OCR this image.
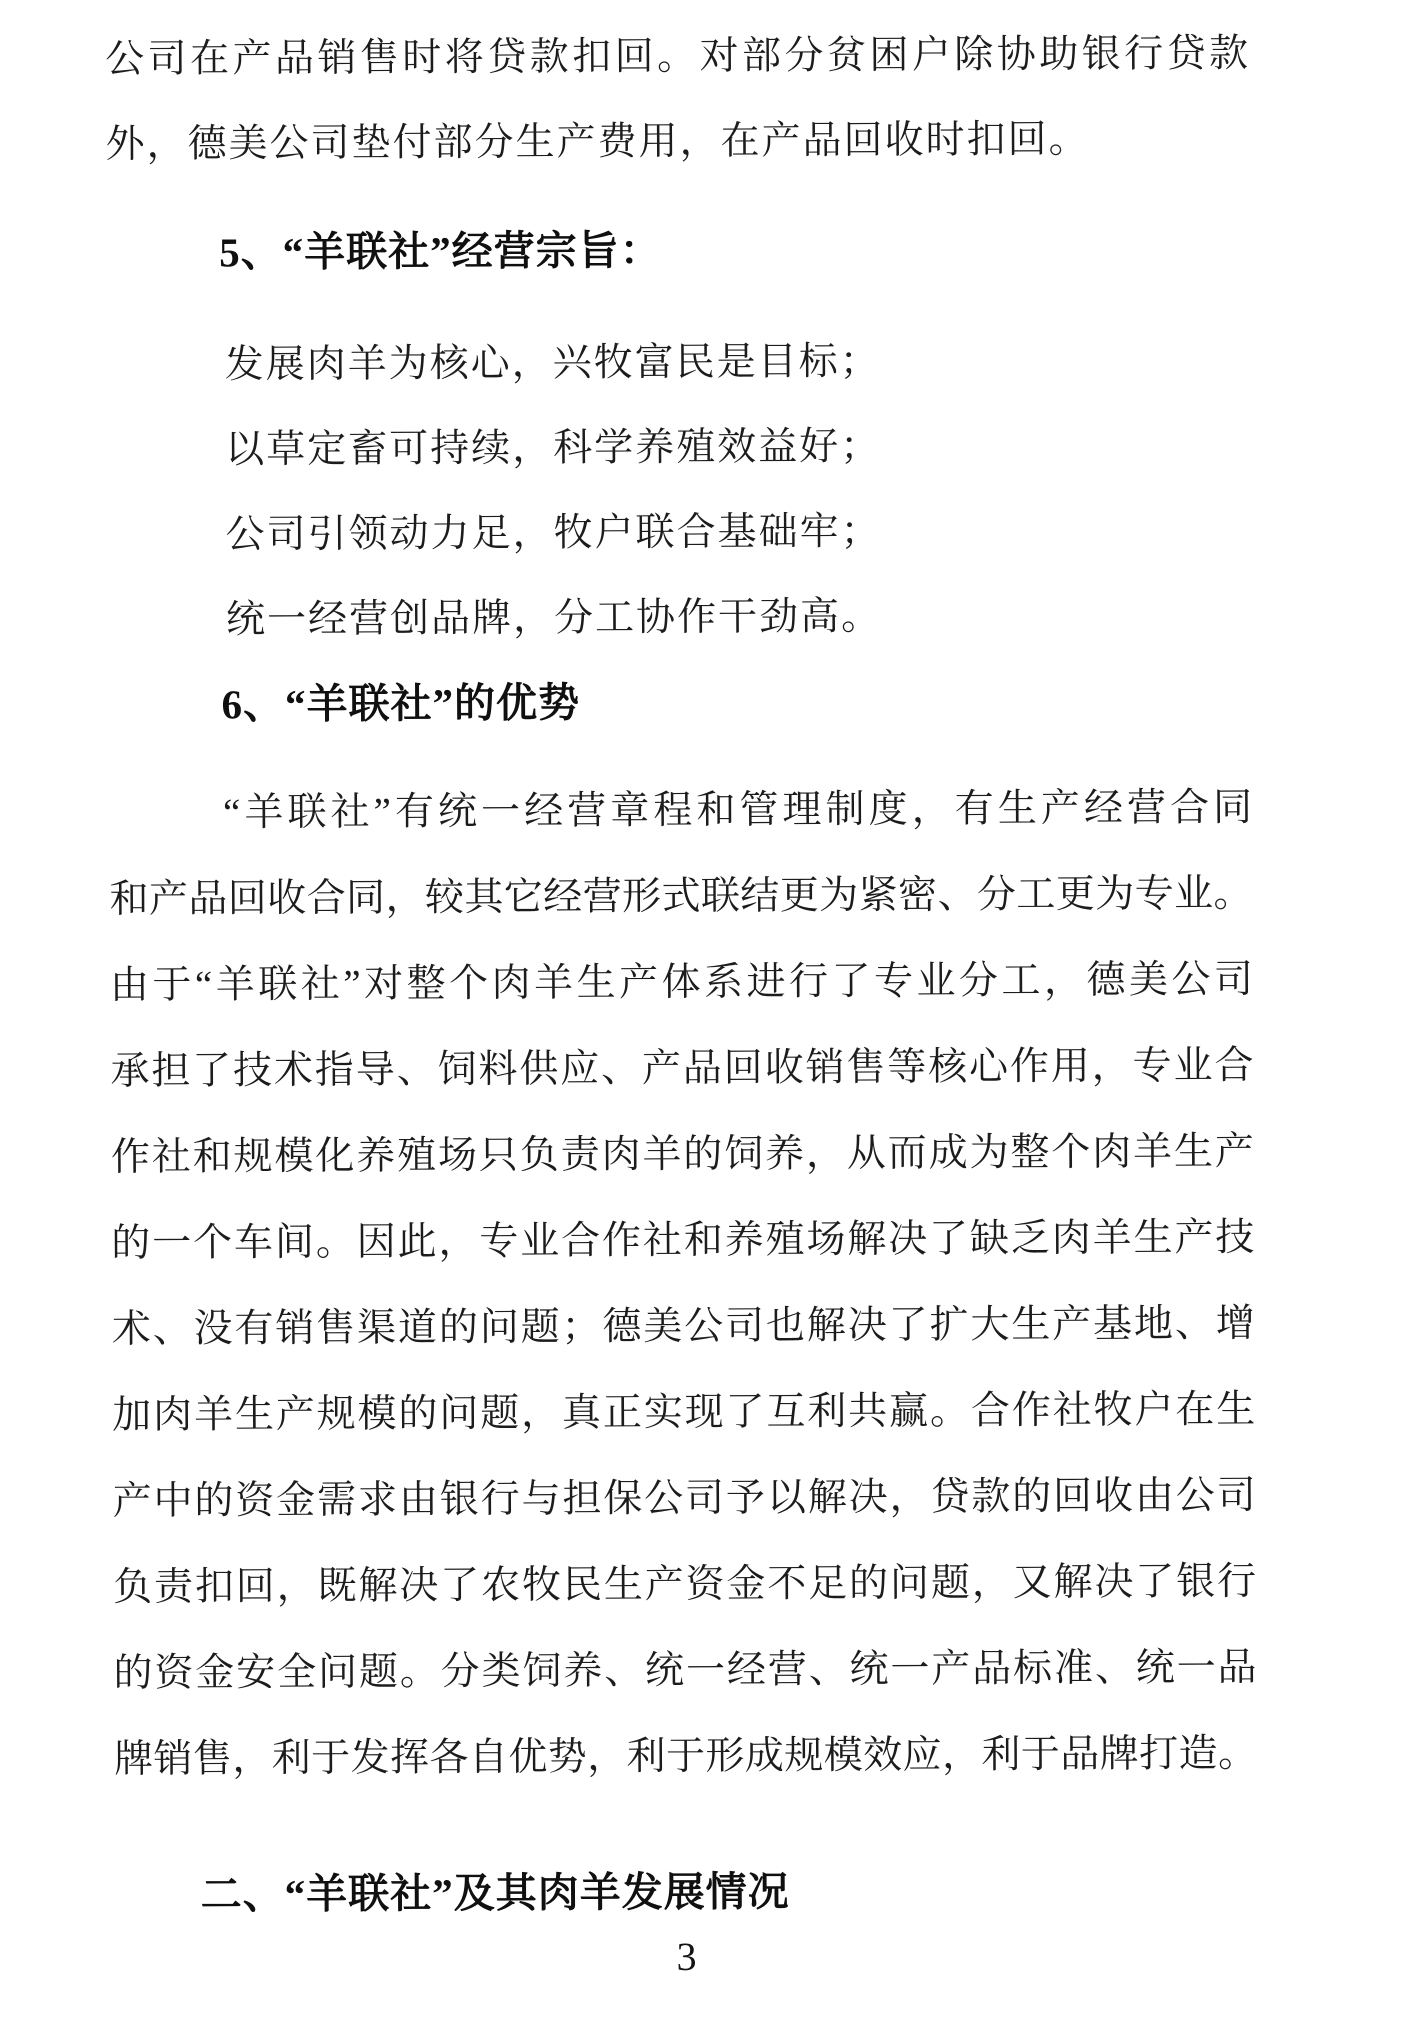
公司在产品销售时将贷款扣回。对部分贫困户除协助银行贷款
外，德美公司垫付部分生产费用，在产品回收时扣回。
5、“羊联社”经营宗旨：
发展肉羊为核心，兴牧富民是目标；
以草定畜可持续，科学养殖效益好；
公司引领动力足，牧户联合基础牢；
统一经营创品牌，分工协作干劲高。
6、“羊联社”的优势
“羊联社”有统一经营章程和管理制度，有生产经营合同
和产品回收合同，较其它经营形式联结更为紧密、分工更为专业。
由于“羊联社”对整个肉羊生产体系进行了专业分工，德美公司
承担了技术指导、饲料供应、产品回收销售等核心作用，专业合
作社和规模化养殖场只负责肉羊的饲养，从而成为整个肉羊生产
的一个车间。因此，专业合作社和养殖场解决了缺乏肉羊生产技
术、没有销售渠道的问题；德美公司也解决了扩大生产基地、增
加肉羊生产规模的问题，真正实现了互利共赢。合作社牧户在生
产中的资金需求由银行与担保公司予以解决，贷款的回收由公司
负责扣回，既解决了农牧民生产资金不足的问题，又解决了银行
的资金安全问题。分类饲养、统一经营、统一产品标准、统一品
牌销售，利于发挥各自优势，利于形成规模效应，利于品牌打造。
二、“羊联社”及其肉羊发展情况
3
